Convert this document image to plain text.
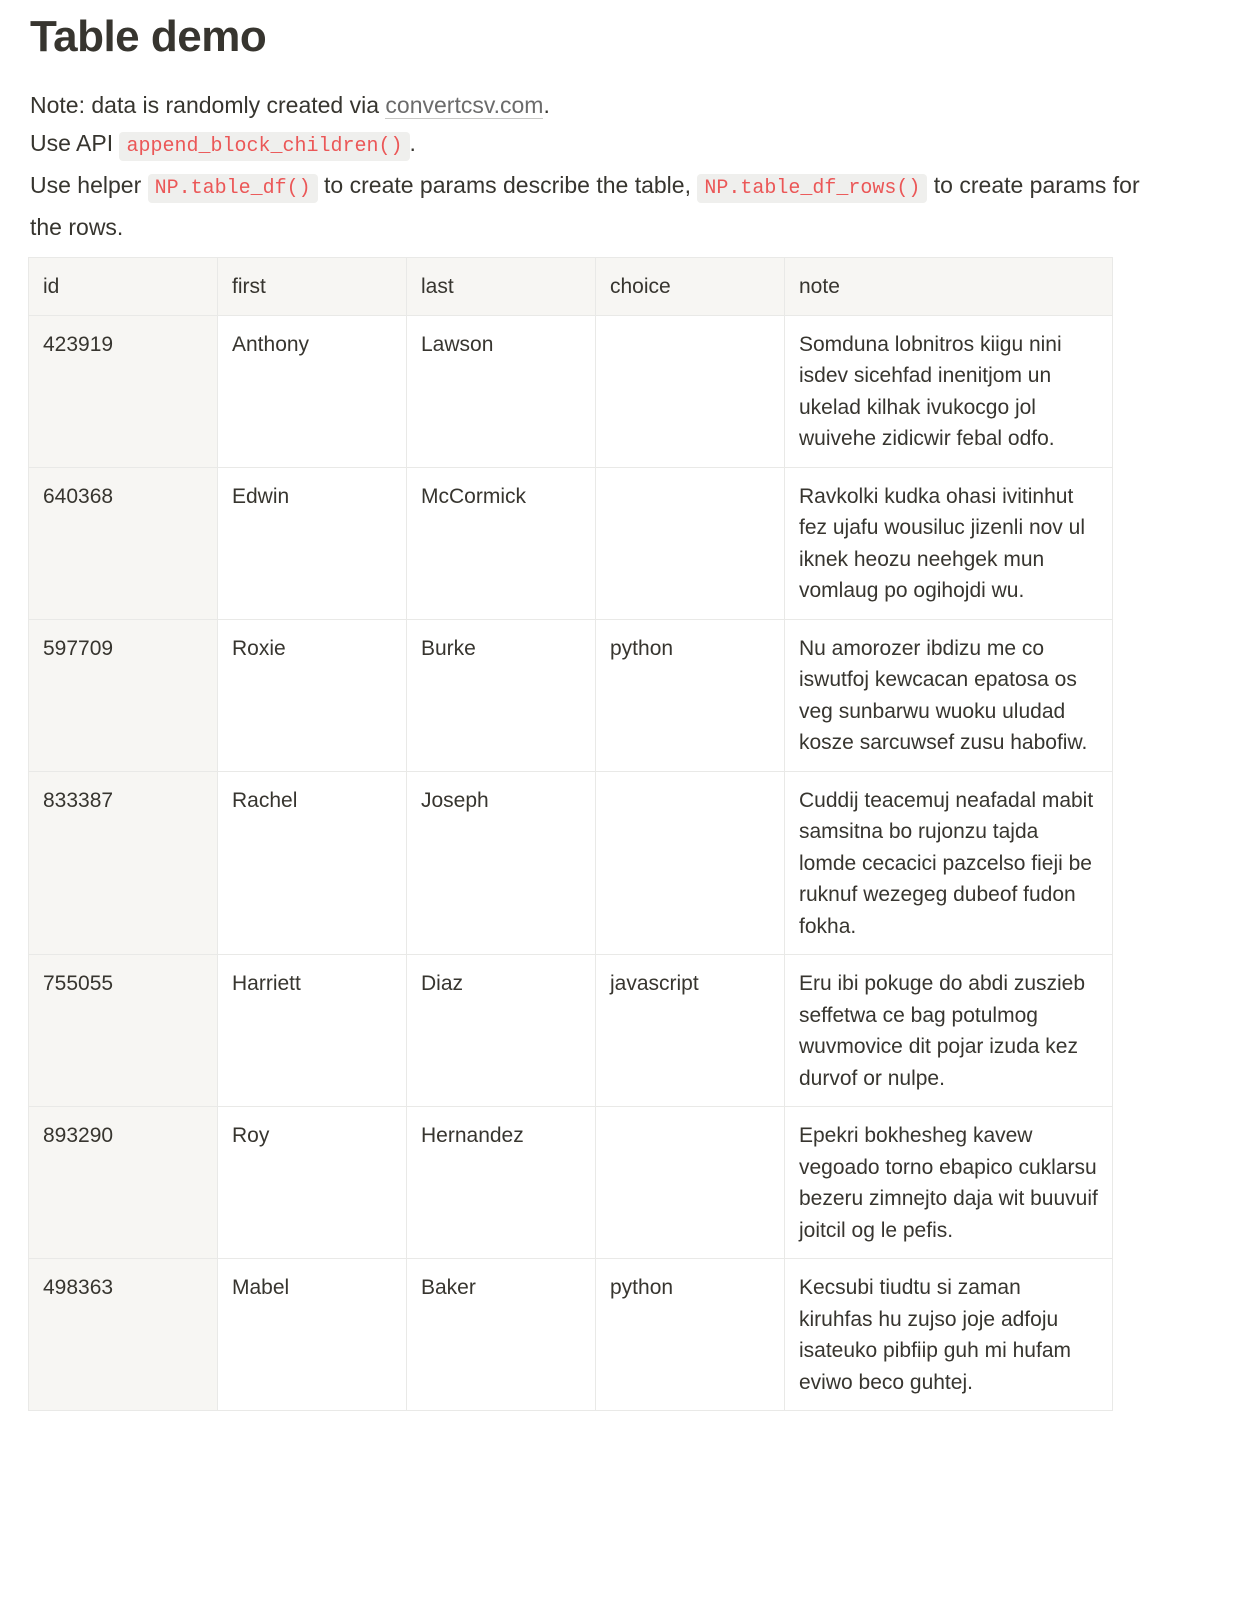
Table demo

Note: data is randomly created via convertcsv.com.

Use API append_block_children() .

Use helper NP.table_df() to create params describe the table, NP.table_df_rows() to create params for the rows.

id	first	last	choice	note
423919	Anthony	Lawson		Somduna lobnitros kiigu nini isdev sicehfad inenitjom un ukelad kilhak ivukocgo jol wuivehe zidicwir febal odfo.
640368	Edwin	McCormick		Ravkolki kudka ohasi ivitinhut fez ujafu wousiluc jizenli nov ul iknek heozu neehgek mun vomlaug po ogihojdi wu.
597709	Roxie	Burke	python	Nu amorozer ibdizu me co iswutfoj kewcacan epatosa os veg sunbarwu wuoku uludad kosze sarcuwsef zusu habofiw.
833387	Rachel	Joseph		Cuddij teacemuj neafadal mabit samsitna bo rujonzu tajda lomde cecacici pazcelso fieji be ruknuf wezegeg dubeof fudon fokha.
755055	Harriett	Diaz	javascript	Eru ibi pokuge do abdi zuszieb seffetwa ce bag potulmog wuvmovice dit pojar izuda kez durvof or nulpe.
893290	Roy	Hernandez		Epekri bokhesheg kavew vegoado torno ebapico cuklarsu bezeru zimnejto daja wit buuvuif joitcil og le pefis.
498363	Mabel	Baker	python	Kecsubi tiudtu si zaman kiruhfas hu zujso joje adfoju isateuko pibfiip guh mi hufam eviwo beco guhtej.
